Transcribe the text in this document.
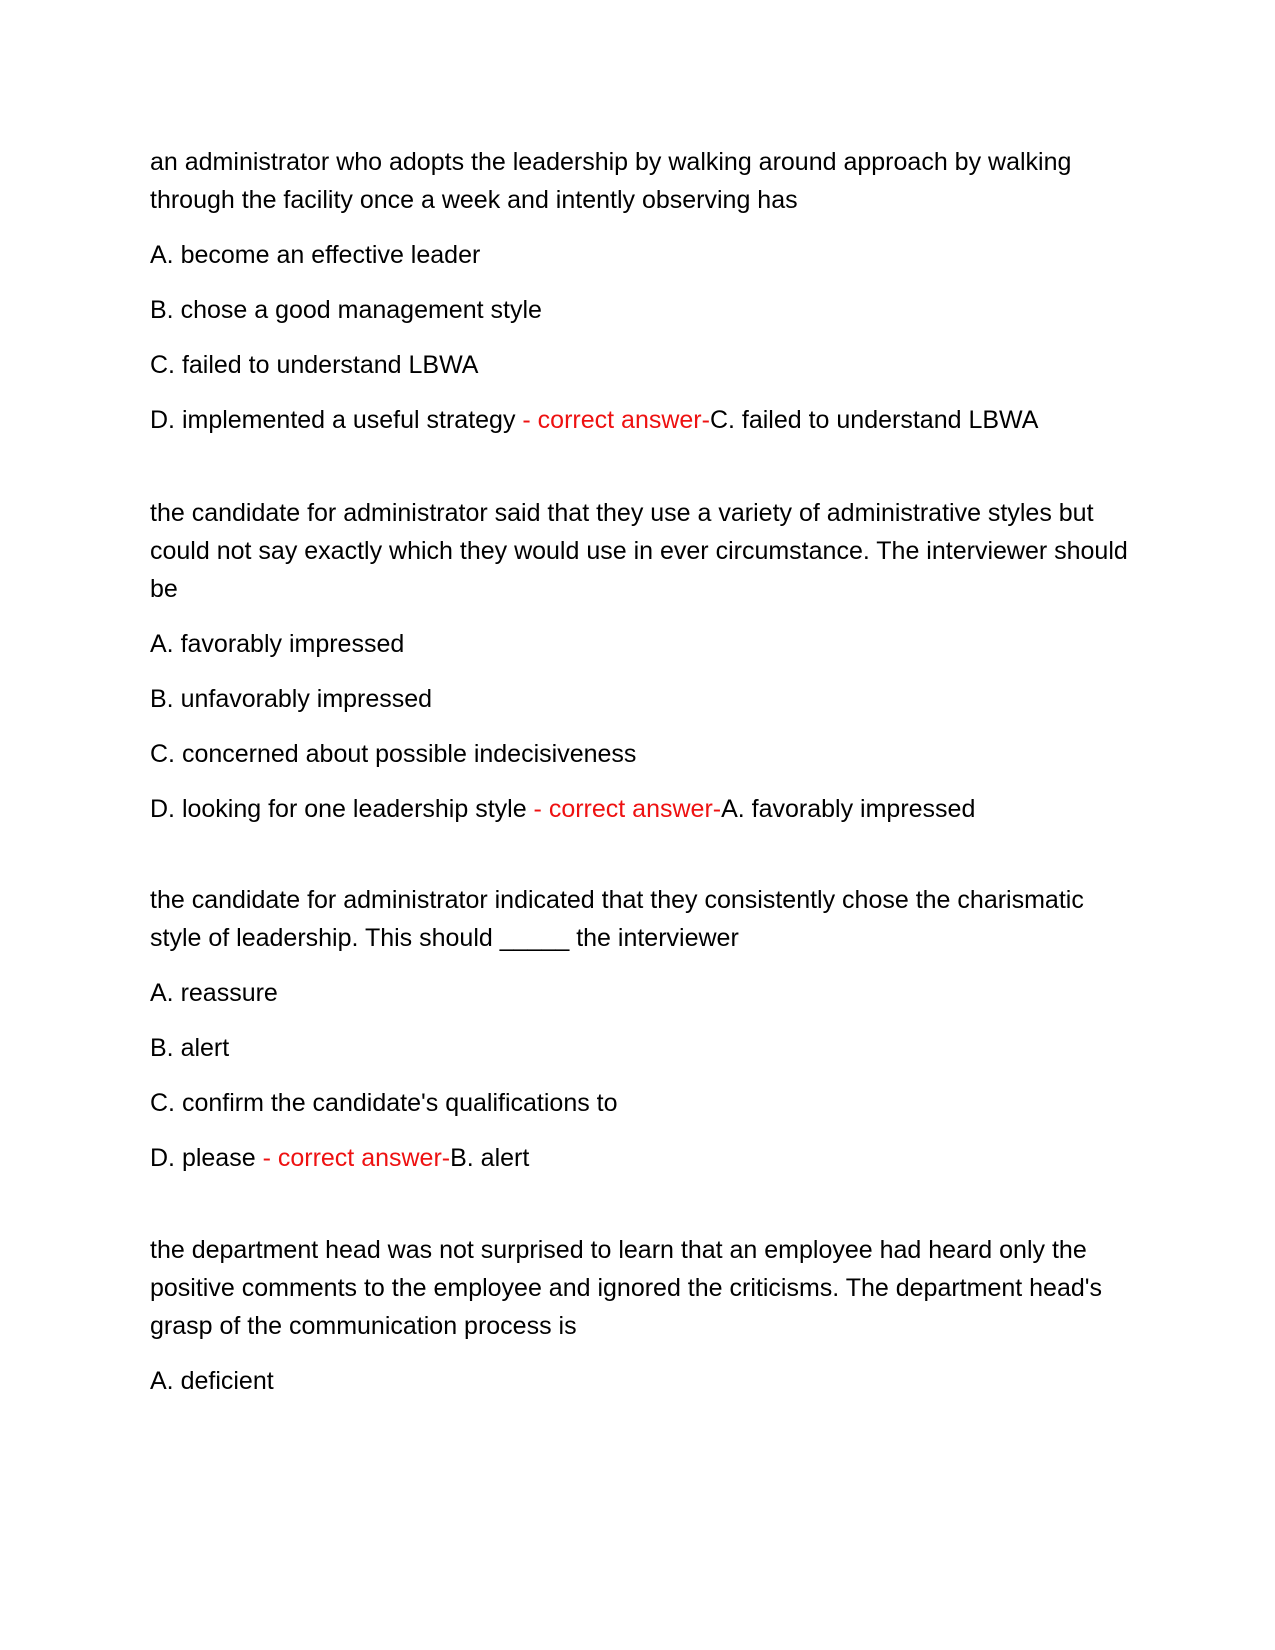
an administrator who adopts the leadership by walking around approach by walking through the facility once a week and intently observing has

A. become an effective leader

B. chose a good management style

C. failed to understand LBWA

D. implemented a useful strategy - correct answer-C. failed to understand LBWA

the candidate for administrator said that they use a variety of administrative styles but could not say exactly which they would use in ever circumstance. The interviewer should be

A. favorably impressed

B. unfavorably impressed

C. concerned about possible indecisiveness

D. looking for one leadership style - correct answer-A. favorably impressed

the candidate for administrator indicated that they consistently chose the charismatic style of leadership. This should _____ the interviewer

A. reassure

B. alert

C. confirm the candidate's qualifications to

D. please - correct answer-B. alert

the department head was not surprised to learn that an employee had heard only the positive comments to the employee and ignored the criticisms. The department head's grasp of the communication process is

A. deficient
